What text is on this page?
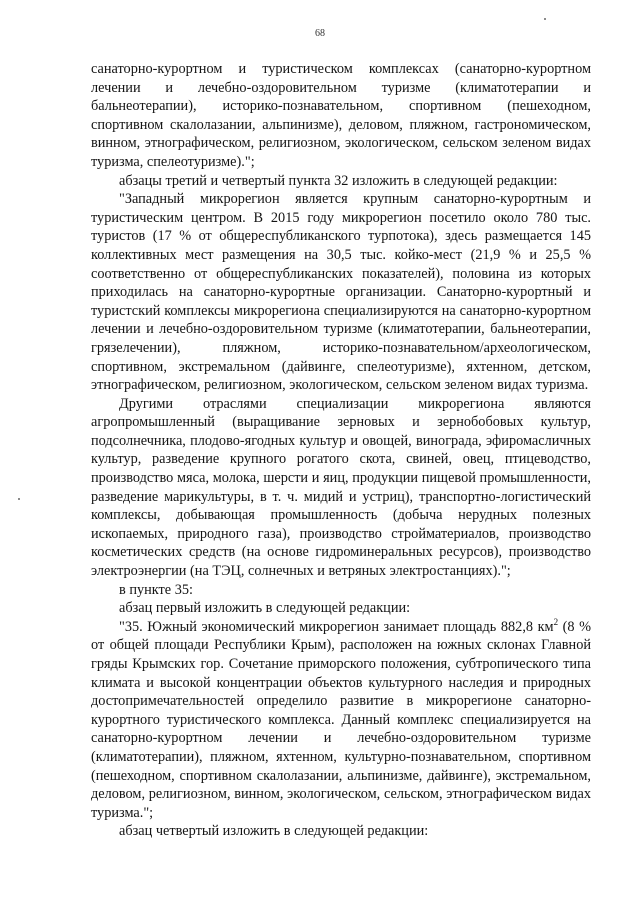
68

санаторно-курортном и туристическом комплексах (санаторно-курортном лечении и лечебно-оздоровительном туризме (климатотерапии и бальнеотерапии), историко-познавательном, спортивном (пешеходном, спортивном скалолазании, альпинизме), деловом, пляжном, гастрономическом, винном, этнографическом, религиозном, экологическом, сельском зеленом видах туризма, спелеотуризме).";

абзацы третий и четвертый пункта 32 изложить в следующей редакции:

"Западный микрорегион является крупным санаторно-курортным и туристическим центром. В 2015 году микрорегион посетило около 780 тыс. туристов (17 % от общереспубликанского турпотока), здесь размещается 145 коллективных мест размещения на 30,5 тыс. койко-мест (21,9 % и 25,5 % соответственно от общереспубликанских показателей), половина из которых приходилась на санаторно-курортные организации. Санаторно-курортный и туристский комплексы микрорегиона специализируются на санаторно-курортном лечении и лечебно-оздоровительном туризме (климатотерапии, бальнеотерапии, грязелечении), пляжном, историко-познавательном/археологическом, спортивном, экстремальном (дайвинге, спелеотуризме), яхтенном, детском, этнографическом, религиозном, экологическом, сельском зеленом видах туризма.

Другими отраслями специализации микрорегиона являются агропромышленный (выращивание зерновых и зернобобовых культур, подсолнечника, плодово-ягодных культур и овощей, винограда, эфиромасличных культур, разведение крупного рогатого скота, свиней, овец, птицеводство, производство мяса, молока, шерсти и яиц, продукции пищевой промышленности, разведение марикультуры, в т. ч. мидий и устриц), транспортно-логистический комплексы, добывающая промышленность (добыча нерудных полезных ископаемых, природного газа), производство стройматериалов, производство косметических средств (на основе гидроминеральных ресурсов), производство электроэнергии (на ТЭЦ, солнечных и ветряных электростанциях).";

в пункте 35:

абзац первый изложить в следующей редакции:

"35. Южный экономический микрорегион занимает площадь 882,8 $км^2$ (8 % от общей площади Республики Крым), расположен на южных склонах Главной гряды Крымских гор. Сочетание приморского положения, субтропического типа климата и высокой концентрации объектов культурного наследия и природных достопримечательностей определило развитие в микрорегионе санаторно-курортного туристического комплекса. Данный комплекс специализируется на санаторно-курортном лечении и лечебно-оздоровительном туризме (климатотерапии), пляжном, яхтенном, культурно-познавательном, спортивном (пешеходном, спортивном скалолазании, альпинизме, дайвинге), экстремальном, деловом, религиозном, винном, экологическом, сельском, этнографическом видах туризма.";

абзац четвертый изложить в следующей редакции:
